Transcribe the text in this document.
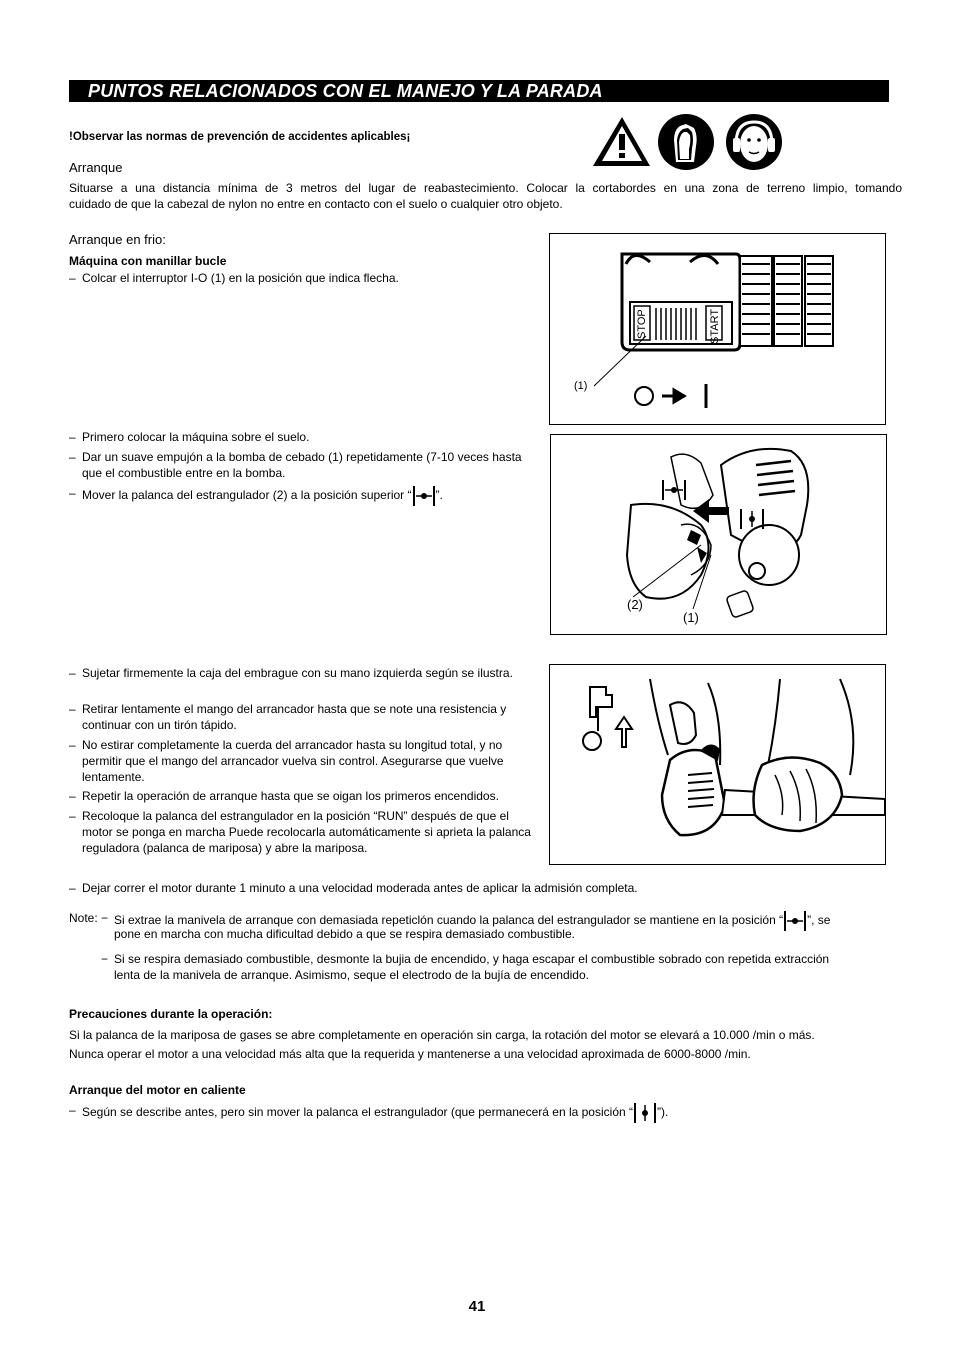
PUNTOS RELACIONADOS CON EL MANEJO Y LA PARADA
!Observar las normas de prevención de accidentes aplicables¡
Arranque
Situarse a una distancia mínima de 3 metros del lugar de reabastecimiento. Colocar la cortabordes en una zona de terreno limpio, tomando
cuidado de que la cabezal de nylon no entre en contacto con el suelo o cualquier otro objeto.
Arranque en frio:
Máquina con manillar bucle
– Colcar el interruptor I-O (1) en la posición que indica flecha.
STOP	START
(1)
– Primero colocar la máquina sobre el suelo.
– Dar un suave empujón a la bomba de cebado (1) repetidamente (7-10 veces hasta que el combustible entre en la bomba.
– Mover la palanca del estrangulador (2) a la posición superior “ ”.
(2)
(1)
– Sujetar firmemente la caja del embrague con su mano izquierda según se ilustra.
– Retirar lentamente el mango del arrancador hasta que se note una resistencia y continuar con un tirón tápido.
– No estirar completamente la cuerda del arrancador hasta su longitud total, y no permitir que el mango del arrancador vuelva sin control. Asegurarse que vuelve lentamente.
– Repetir la operación de arranque hasta que se oigan los primeros encendidos.
– Recoloque la palanca del estrangulador en la posición “RUN” después de que el motor se ponga en marcha Puede recolocarla automáticamente si aprieta la palanca reguladora (palanca de mariposa) y abre la mariposa.
– Dejar correr el motor durante 1 minuto a una velocidad moderada antes de aplicar la admisión completa.
Note: − Si extrae la manivela de arranque con demasiada repeticlón cuando la palanca del estrangulador se mantiene en la posición “ ”, se
pone en marcha con mucha dificultad debido a que se respira demasiado combustible.
− Si se respira demasiado combustible, desmonte la bujia de encendido, y haga escapar el combustible sobrado con repetida extracción
lenta de la manivela de arranque. Asimismo, seque el electrodo de la bujía de encendido.
Precauciones durante la operación:
Si la palanca de la mariposa de gases se abre completamente en operación sin carga, la rotación del motor se elevará a 10.000 /min o más.
Nunca operar el motor a una velocidad más alta que la requerida y mantenerse a una velocidad aproximada de 6000-8000 /min.
Arranque del motor en caliente
– Según se describe antes, pero sin mover la palanca el estrangulador (que permanecerá en la posición “ ”).
41
